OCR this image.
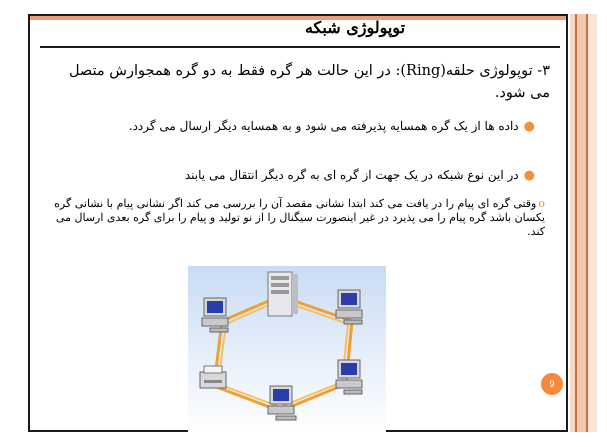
توپولوژی شبکه
۳- توپولوژی حلقه(Ring): در این حالت هر گره فقط به دو گره همجوارش متصل می شود.
●داده ها از یک گره همسایه پذیرفته می شود و به همسایه دیگر ارسال می گردد.
●در این نوع شبکه در یک جهت از گره ای به گره دیگر انتقال می یابند
oوقتی گره ای پیام را در یافت می کند ابتدا نشانی مقصد آن را بررسی می کند اگر نشانی پیام با نشانی گره یکسان باشد گره پیام را می پذیرد در غیر اینصورت سیگنال را از نو تولید و پیام را برای گره بعدی ارسال می کند.
9
